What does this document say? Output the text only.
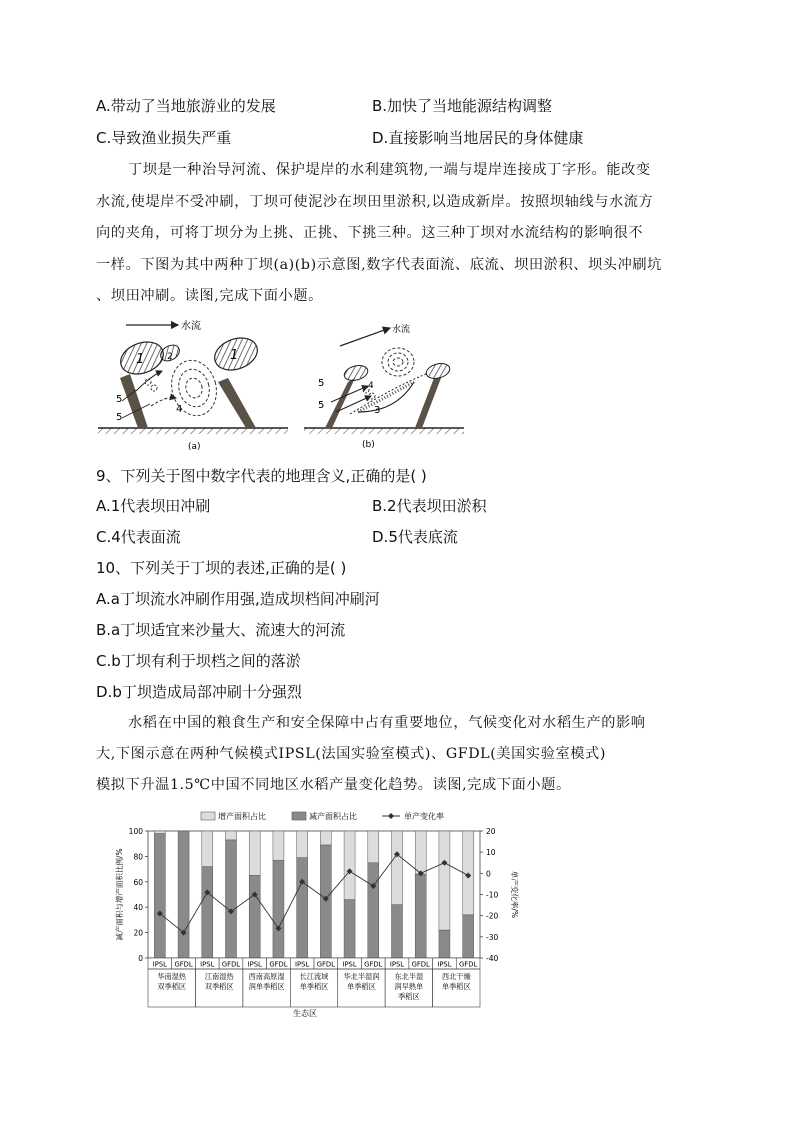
A.带动了当地旅游业的发展	B.加快了当地能源结构调整
C.导致渔业损失严重	D.直接影响当地居民的身体健康
丁坝是一种治导河流、保护堤岸的水利建筑物,一端与堤岸连接成丁字形。能改变
水流,使堤岸不受冲刷，丁坝可使泥沙在坝田里淤积,以造成新岸。按照坝轴线与水流方
向的夹角，可将丁坝分为上挑、正挑、下挑三种。这三种丁坝对水流结构的影响很不
一样。下图为其中两种丁坝(a)(b)示意图,数字代表面流、底流、坝田淤积、坝头冲刷坑
、坝田冲刷。读图,完成下面小题。
水流
1	2
5
5
4
1
(a)
水流
5
5
4
3
(b)
9、下列关于图中数字代表的地理含义,正确的是( )
A.1代表坝田冲刷	B.2代表坝田淤积
C.4代表面流	D.5代表底流
10、下列关于丁坝的表述,正确的是( )
A.a丁坝流水冲刷作用强,造成坝档间冲刷河
B.a丁坝适宜来沙量大、流速大的河流
C.b丁坝有利于坝档之间的落淤
D.b丁坝造成局部冲刷十分强烈
水稻在中国的粮食生产和安全保障中占有重要地位，气候变化对水稻生产的影响
大,下图示意在两种气候模式IPSL(法国实验室模式)、GFDL(美国实验室模式)
模拟下升温1.5℃中国不同地区水稻产量变化趋势。读图,完成下面小题。
增产面积占比	减产面积占比	单产变化率
0
20
40
60
80
100	20
10
0
-10
-20
-30
-40
减产面积与增产面积比例/%	单产变化率/%
IPSL GFDL IPSL GFDL IPSL GFDL IPSL GFDL IPSL GFDL IPSL GFDL IPSL GFDL
华南湿热
双季稻区
江南湿热
双季稻区
西南高原湿
润单季稻区
长江流域
单季稻区
华北半湿润
单季稻区
东北半湿
润早熟单
季稻区
西北干燥
单季稻区
生态区
